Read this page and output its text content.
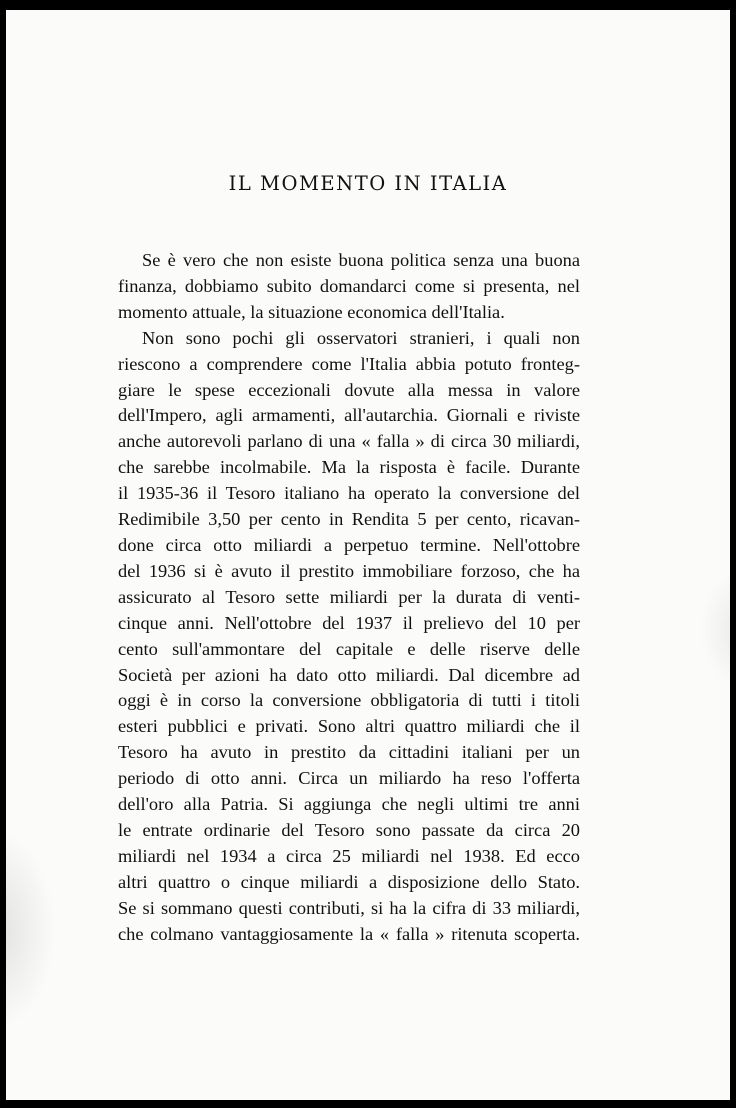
IL MOMENTO IN ITALIA
Se è vero che non esiste buona politica senza una buona
finanza, dobbiamo subito domandarci come si presenta, nel
momento attuale, la situazione economica dell'Italia.
Non sono pochi gli osservatori stranieri, i quali non
riescono a comprendere come l'Italia abbia potuto fronteg-
giare le spese eccezionali dovute alla messa in valore
dell'Impero, agli armamenti, all'autarchia. Giornali e riviste
anche autorevoli parlano di una « falla » di circa 30 miliardi,
che sarebbe incolmabile. Ma la risposta è facile. Durante
il 1935-36 il Tesoro italiano ha operato la conversione del
Redimibile 3,50 per cento in Rendita 5 per cento, ricavan-
done circa otto miliardi a perpetuo termine. Nell'ottobre
del 1936 si è avuto il prestito immobiliare forzoso, che ha
assicurato al Tesoro sette miliardi per la durata di venti-
cinque anni. Nell'ottobre del 1937 il prelievo del 10 per
cento sull'ammontare del capitale e delle riserve delle
Società per azioni ha dato otto miliardi. Dal dicembre ad
oggi è in corso la conversione obbligatoria di tutti i titoli
esteri pubblici e privati. Sono altri quattro miliardi che il
Tesoro ha avuto in prestito da cittadini italiani per un
periodo di otto anni. Circa un miliardo ha reso l'offerta
dell'oro alla Patria. Si aggiunga che negli ultimi tre anni
le entrate ordinarie del Tesoro sono passate da circa 20
miliardi nel 1934 a circa 25 miliardi nel 1938. Ed ecco
altri quattro o cinque miliardi a disposizione dello Stato.
Se si sommano questi contributi, si ha la cifra di 33 miliardi,
che colmano vantaggiosamente la « falla » ritenuta scoperta.
